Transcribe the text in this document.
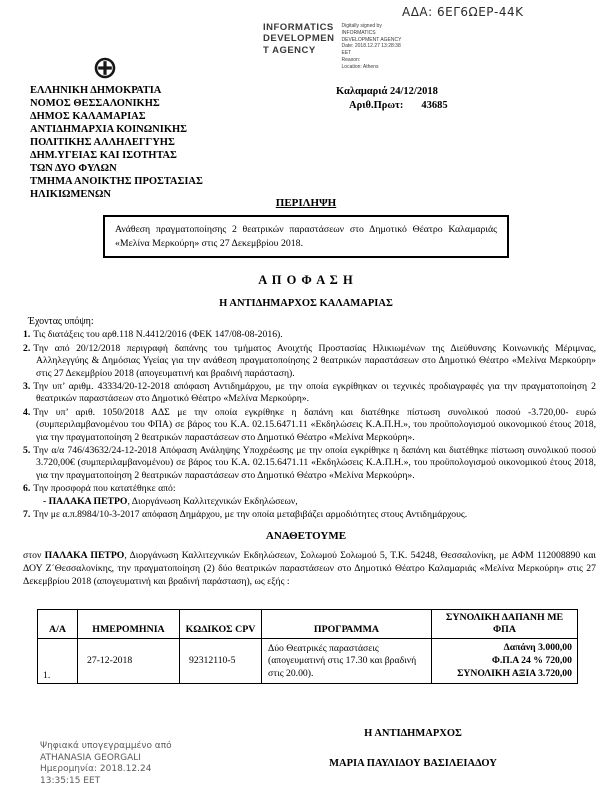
ΑΔΑ: 6ΕΓ6ΩΕΡ-44Κ
INFORMATICS
DEVELOPMEN
T AGENCY
Digitally signed by
INFORMATICS
DEVELOPMENT AGENCY
Date: 2018.12.27 13:28:38
EET
Reason:
Location: Athens
ΕΛΛΗΝΙΚΗ ΔΗΜΟΚΡΑΤΙΑ
ΝΟΜΟΣ ΘΕΣΣΑΛΟΝΙΚΗΣ
ΔΗΜΟΣ ΚΑΛΑΜΑΡΙΑΣ
ΑΝΤΙΔΗΜΑΡΧΙΑ ΚΟΙΝΩΝΙΚΗΣ
ΠΟΛΙΤΙΚΗΣ ΑΛΛΗΛΕΓΓΥΗΣ
ΔΗΜ.ΥΓΕΙΑΣ ΚΑΙ ΙΣΟΤΗΤΑΣ
ΤΩΝ ΔΥΟ ΦΥΛΩΝ
ΤΜΗΜΑ ΑΝΟΙΚΤΗΣ ΠΡΟΣΤΑΣΙΑΣ
ΗΛΙΚΙΩΜΕΝΩΝ
Καλαμαριά 24/12/2018
Αριθ.Πρωτ: 43685
ΠΕΡΙΛΗΨΗ
Ανάθεση πραγματοποίησης 2 θεατρικών παραστάσεων στο Δημοτικό Θέατρο Καλαμαριάς «Μελίνα Μερκούρη» στις 27 Δεκεμβρίου 2018.
Α Π Ο Φ Α Σ Η
Η ΑΝΤΙΔΗΜΑΡΧΟΣ ΚΑΛΑΜΑΡΙΑΣ
Έχοντας υπόψη:
1. Τις διατάξεις του αρθ.118 Ν.4412/2016 (ΦΕΚ 147/08-08-2016).
2. Την από 20/12/2018 περιγραφή δαπάνης του τμήματος Ανοιχτής Προστασίας Ηλικιωμένων της Διεύθυνσης Κοινωνικής Μέριμνας, Αλληλεγγύης & Δημόσιας Υγείας για την ανάθεση πραγματοποίησης 2 θεατρικών παραστάσεων στο Δημοτικό Θέατρο «Μελίνα Μερκούρη» στις 27 Δεκεμβρίου 2018 (απογευματινή και βραδινή παράσταση).
3. Την υπ’ αριθμ. 43334/20-12-2018 απόφαση Αντιδημάρχου, με την οποία εγκρίθηκαν οι τεχνικές προδιαγραφές για την πραγματοποίηση 2 θεατρικών παραστάσεων στο Δημοτικό Θέατρο «Μελίνα Μερκούρη».
4. Την υπ’ αριθ. 1050/2018 ΑΔΣ με την οποία εγκρίθηκε η δαπάνη και διατέθηκε πίστωση συνολικού ποσού -3.720,00- ευρώ (συμπεριλαμβανομένου του ΦΠΑ) σε βάρος του Κ.Α. 02.15.6471.11 «Εκδηλώσεις Κ.Α.Π.Η.», του προϋπολογισμού οικονομικού έτους 2018, για την πραγματοποίηση 2 θεατρικών παραστάσεων στο Δημοτικό Θέατρο «Μελίνα Μερκούρη».
5. Την α/α 746/43632/24-12-2018 Απόφαση Ανάληψης Υποχρέωσης με την οποία εγκρίθηκε η δαπάνη και διατέθηκε πίστωση συνολικού ποσού 3.720,00€ (συμπεριλαμβανομένου) σε βάρος του Κ.Α. 02.15.6471.11 «Εκδηλώσεις Κ.Α.Π.Η.», του προϋπολογισμού οικονομικού έτους 2018, για την πραγματοποίηση 2 θεατρικών παραστάσεων στο Δημοτικό Θέατρο «Μελίνα Μερκούρη».
6. Την προσφορά που κατατέθηκε από:
- ΠΑΛΑΚΑ ΠΕΤΡΟ, Διοργάνωση Καλλιτεχνικών Εκδηλώσεων,
7. Την με α.π.8984/10-3-2017 απόφαση Δημάρχου, με την οποία μεταβιβάζει αρμοδιότητες στους Αντιδημάρχους.
ΑΝΑΘΕΤΟΥΜΕ
στον ΠΑΛΑΚΑ ΠΕΤΡΟ, Διοργάνωση Καλλιτεχνικών Εκδηλώσεων, Σολωμού Σολωμού 5, Τ.Κ. 54248, Θεσσαλονίκη, με ΑΦΜ 112008890 και ΔΟΥ Ζ΄Θεσσαλονίκης, την πραγματοποίηση (2) δύο θεατρικών παραστάσεων στο Δημοτικό Θέατρο Καλαμαριάς «Μελίνα Μερκούρη» στις 27 Δεκεμβρίου 2018 (απογευματινή και βραδινή παράσταση), ως εξής :
Α/Α	ΗΜΕΡΟΜΗΝΙΑ	ΚΩΔΙΚΟΣ CPV	ΠΡΟΓΡΑΜΜΑ	ΣΥΝΟΛΙΚΗ ΔΑΠΑΝΗ ΜΕ ΦΠΑ
1.	27-12-2018	92312110-5	Δύο Θεατρικές παραστάσεις (απογευματινή στις 17.30 και βραδινή στις 20.00).	Δαπάνη 3.000,00
Φ.Π.Α 24 % 720,00
ΣΥΝΟΛΙΚΗ ΑΞΙΑ 3.720,00
Ψηφιακά υπογεγραμμένο από
ATHANASIA GEORGALI
Ημερομηνία: 2018.12.24
13:35:15 EET
Η ΑΝΤΙΔΗΜΑΡΧΟΣ
ΜΑΡΙΑ ΠΑΥΛΙΔΟΥ ΒΑΣΙΛΕΙΑΔΟΥ
